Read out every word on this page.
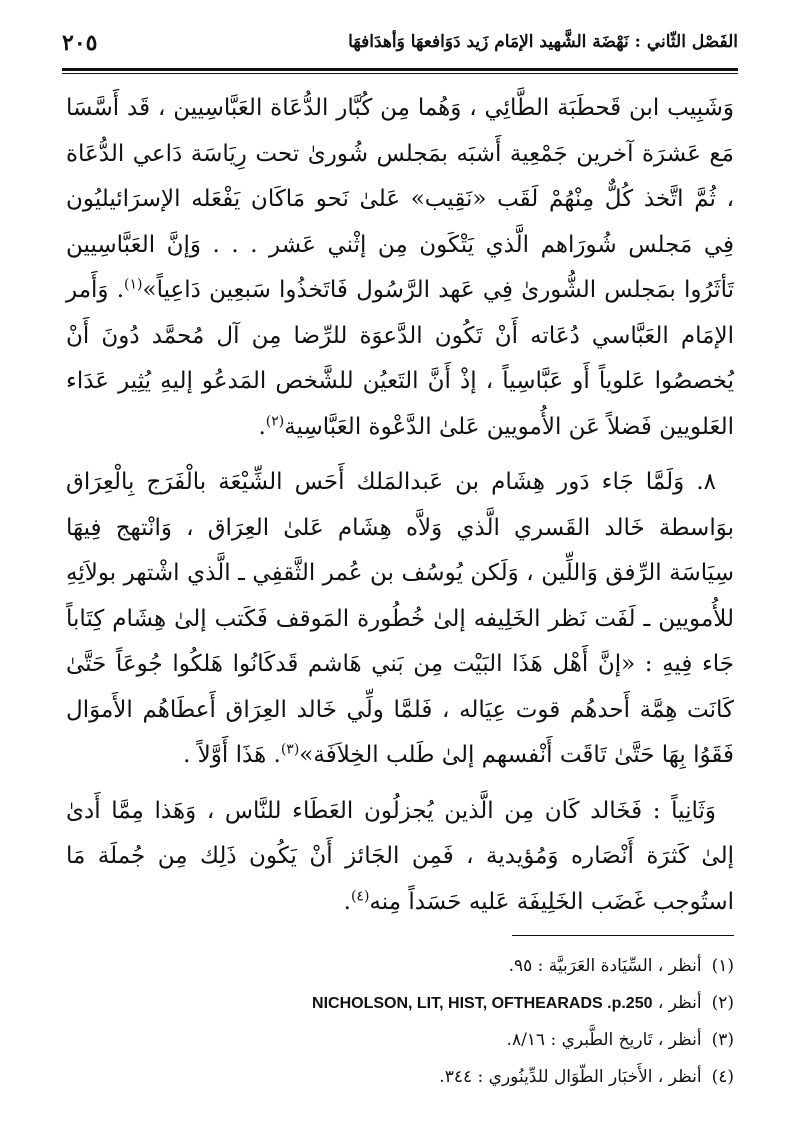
الفَصْل الثّاني : نَهْضَة الشَّهيد الإمَام زَيد دَوَافعهَا وَأهدَافهَا
٢٠٥

وَشَبِيب ابن قَحطَبَة الطَّائِي ، وَهُما مِن كُبَّار الدُّعَاة العَبَّاسِيين ، قَد أَسَّسَا مَع عَشرَة آخرين جَمْعِية أَشبَه بمَجلس شُورىٰ تحت رِيَاسَة دَاعي الدُّعَاة ، ثُمَّ اتَّخذ كُلٌّ مِنْهُمْ لَقَب «نَقِيب» عَلىٰ نَحو مَاكَان يَفْعَله الإسرَائيليُون فِي مَجلس شُورَاهم الَّذي يَتْكَون مِن إثْني عَشر . . . وَإنَّ العَبَّاسِيين تَأثَرُوا بمَجلس الشُّورىٰ فِي عَهد الرَّسُول فَاتَخذُوا سَبعِين دَاعِياً»$^{(١)}$. وَأَمر الإمَام العَبَّاسي دُعَاته أَنْ تَكُون الدَّعوَة للرِّضا مِن آل مُحمَّد دُونَ أَنْ يُخصصُوا عَلوياً أَو عَبَّاسِياً ، إذْ أَنَّ التَعيُن للشَّخص المَدعُو إليهِ يُثِير عَدَاء العَلويين فَضلاً عَن الأُمويين عَلىٰ الدَّعْوة العَبَّاسِية$^{(٢)}$.

٨. وَلَمَّا جَاء دَور هِشَام بن عَبدالمَلك أَحَس الشِّيْعَة بالْفَرَج بِالْعِرَاق بوَاسطة خَالد القَسري الَّذي وَلاَّه هِشَام عَلىٰ العِرَاق ، وَانْتهج فِيهَا سِيَاسَة الرِّفق وَاللِّين ، وَلَكن يُوسُف بن عُمر الثَّقفِي ـ الَّذي اشْتهر بولاَئِهِ للأُمويين ـ لَفَت نَظر الخَلِيفه إلىٰ خُطُورة المَوقف فَكَتب إلىٰ هِشَام كِتَاباً جَاء فِيهِ : «إنَّ أَهْل هَذَا البَيْت مِن بَني هَاشم قَدكَانُوا هَلكُوا جُوعَاً حَتَّىٰ كَانَت هِمَّة أَحدهُم قوت عِيَاله ، فَلمَّا ولِّي خَالد العِرَاق أَعطَاهُم الأَموَال فَقَوُا بِهَا حَتَّىٰ تَاقَت أَنْفسهم إلىٰ طَلب الخِلاَفَة»$^{(٣)}$. هَذَا أَوَّلاً .

وَثَانِياً : فَخَالد كَان مِن الَّذين يُجزلُون العَطَاء للنَّاس ، وَهَذا مِمَّا أَدىٰ إلىٰ كَثرَة أَنْصَاره وَمُؤيدية ، فَمِن الجَائز أَنْ يَكُون ذَلِك مِن جُملَة مَا استُوجب غَضَب الخَلِيفَة عَليه حَسَداً مِنه$^{(٤)}$.

(١)أنظر ، السِّيَادة العَرَبيَّة : ٩٥.
(٢)أنظر ، NICHOLSON, LIT, HIST, OFTHEARADS .p.250
(٣)أنظر ، تَاريخ الطَّبري : ٨/١٦.
(٤)أنظر ، الأَخبَار الطّوَال للدِّينُوري : ٣٤٤.
